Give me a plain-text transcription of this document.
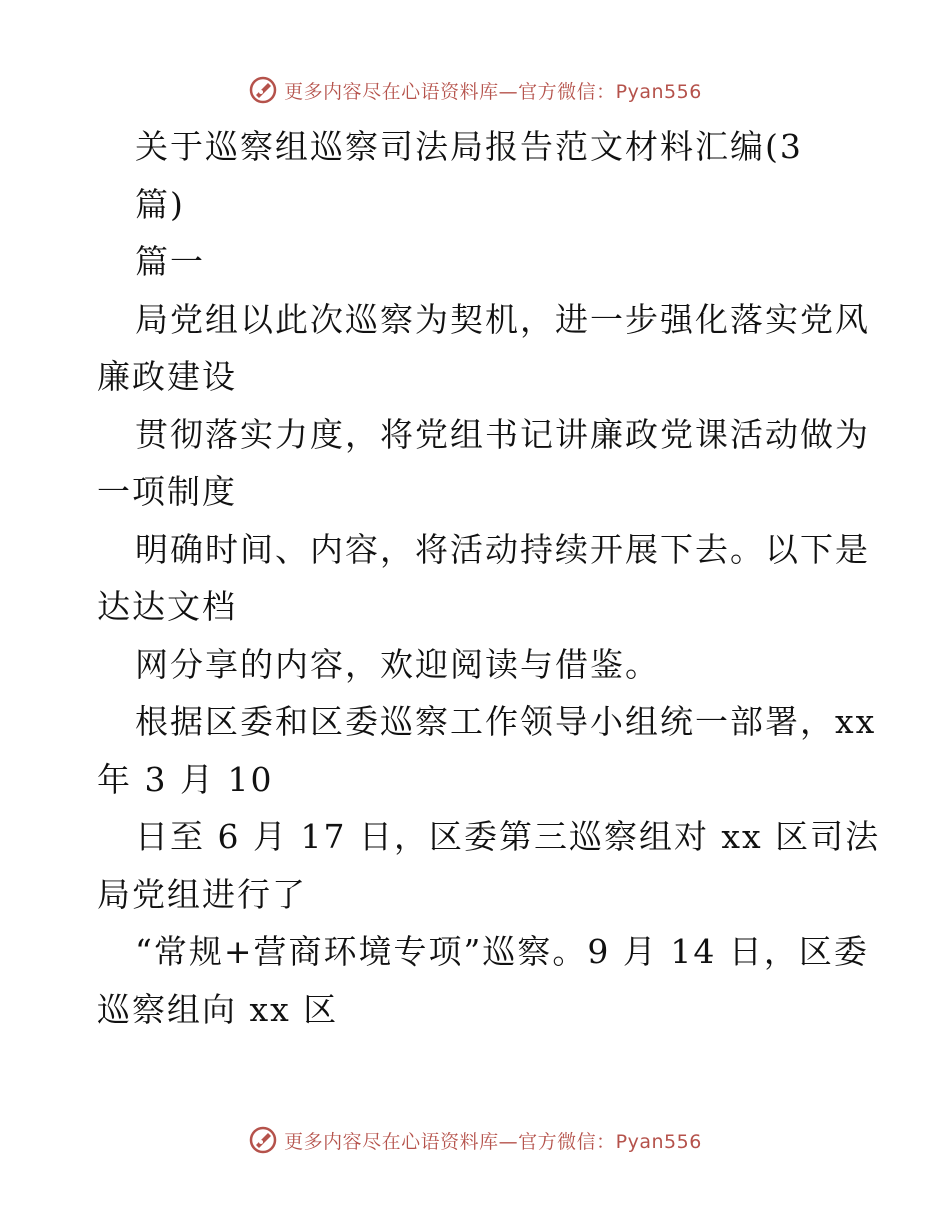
更多内容尽在心语资料库—官方微信：Pyan556
关于巡察组巡察司法局报告范文材料汇编(3
篇)
篇一
局党组以此次巡察为契机，进一步强化落实党风
廉政建设
贯彻落实力度，将党组书记讲廉政党课活动做为
一项制度
明确时间、内容，将活动持续开展下去。以下是
达达文档
网分享的内容，欢迎阅读与借鉴。
根据区委和区委巡察工作领导小组统一部署，xx
年 3 月 10
日至 6 月 17 日，区委第三巡察组对 xx 区司法
局党组进行了
“常规+营商环境专项”巡察。9 月 14 日，区委
巡察组向 xx 区
更多内容尽在心语资料库—官方微信：Pyan556
